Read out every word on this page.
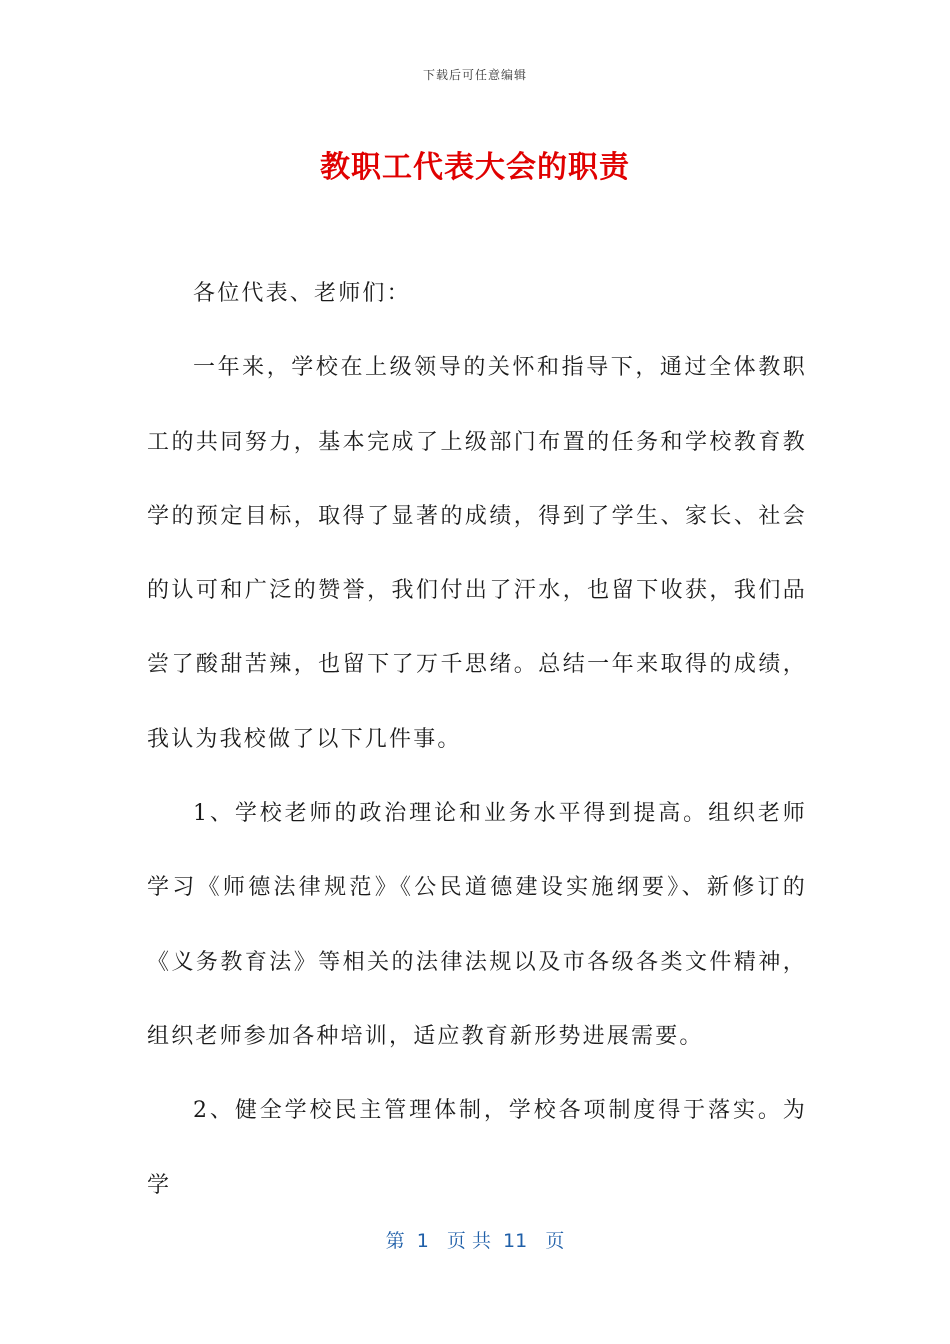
下载后可任意编辑
教职工代表大会的职责

各位代表、老师们：

一年来，学校在上级领导的关怀和指导下，通过全体教职工的共同努力，基本完成了上级部门布置的任务和学校教育教学的预定目标，取得了显著的成绩，得到了学生、家长、社会的认可和广泛的赞誉，我们付出了汗水，也留下收获，我们品尝了酸甜苦辣，也留下了万千思绪。总结一年来取得的成绩，我认为我校做了以下几件事。

1、学校老师的政治理论和业务水平得到提高。组织老师学习《师德法律规范》《公民道德建设实施纲要》、新修订的《义务教育法》等相关的法律法规以及市各级各类文件精神，组织老师参加各种培训，适应教育新形势进展需要。

2、健全学校民主管理体制，学校各项制度得于落实。为学

第  1   页 共  11   页
